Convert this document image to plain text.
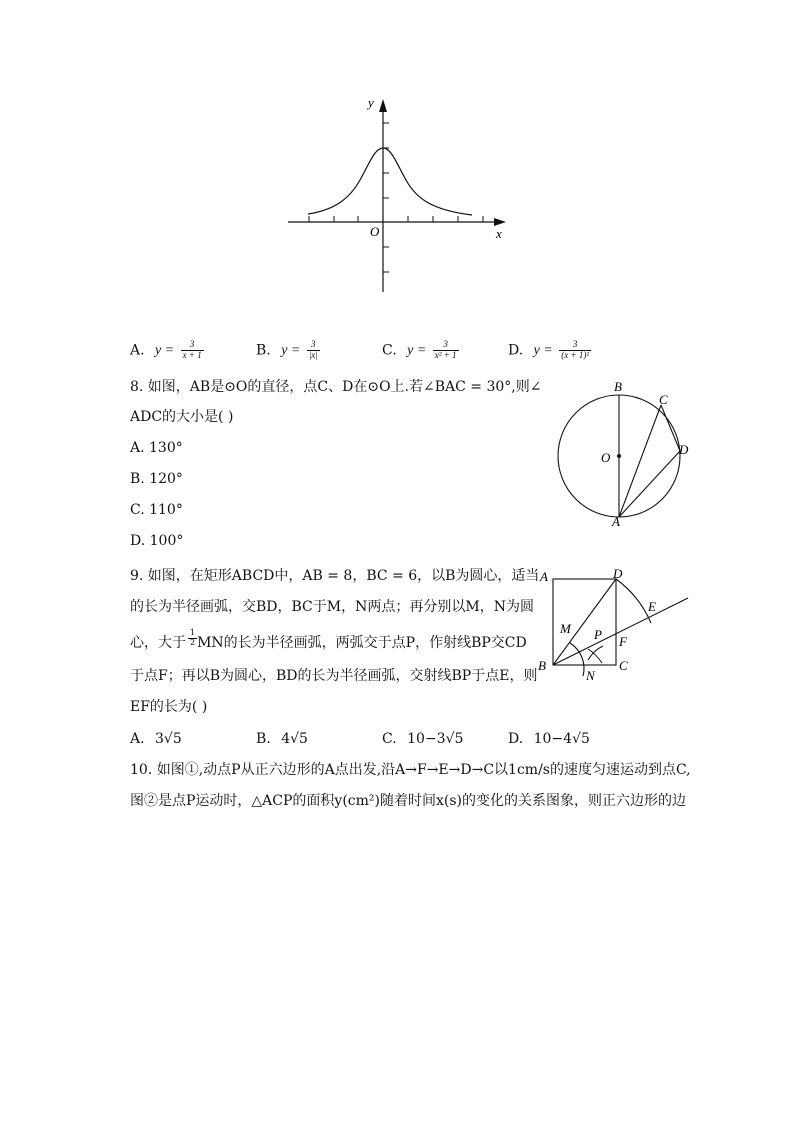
y
x
O
A. $y = \frac{3}{x + 1}$	B. $y = \frac{3}{|x|}$	C. $y = \frac{3}{\text{x² + 1}}$	D. $y = \frac{3}{\text{(x + 1)²}}$
8. 如图，AB是⊙O的直径，点C、D在⊙O上.若∠BAC = 30°,则∠
ADC的大小是( )
A. 130°
B. 120°
C. 110°
D. 100°
B
C
D
O
A
9. 如图，在矩形ABCD中，AB = 8，BC = 6，以B为圆心，适当
的长为半径画弧，交BD，BC于M，N两点；再分别以M，N为圆
心，大于 $\frac{1}{2}$ MN的长为半径画弧，两弧交于点P，作射线BP交CD
于点F；再以B为圆心，BD的长为半径画弧，交射线BP于点E，则
EF的长为( )
A. 3√5	B. 4√5	C. 10−3√5	D. 10−4√5
A	D
E
M P F
B
N
C
10. 如图①,动点P从正六边形的A点出发,沿A→F→E→D→C以1cm/s的速度匀速运动到点C,
图②是点P运动时，△ACP的面积y(cm²)随着时间x(s)的变化的关系图象，则正六边形的边
